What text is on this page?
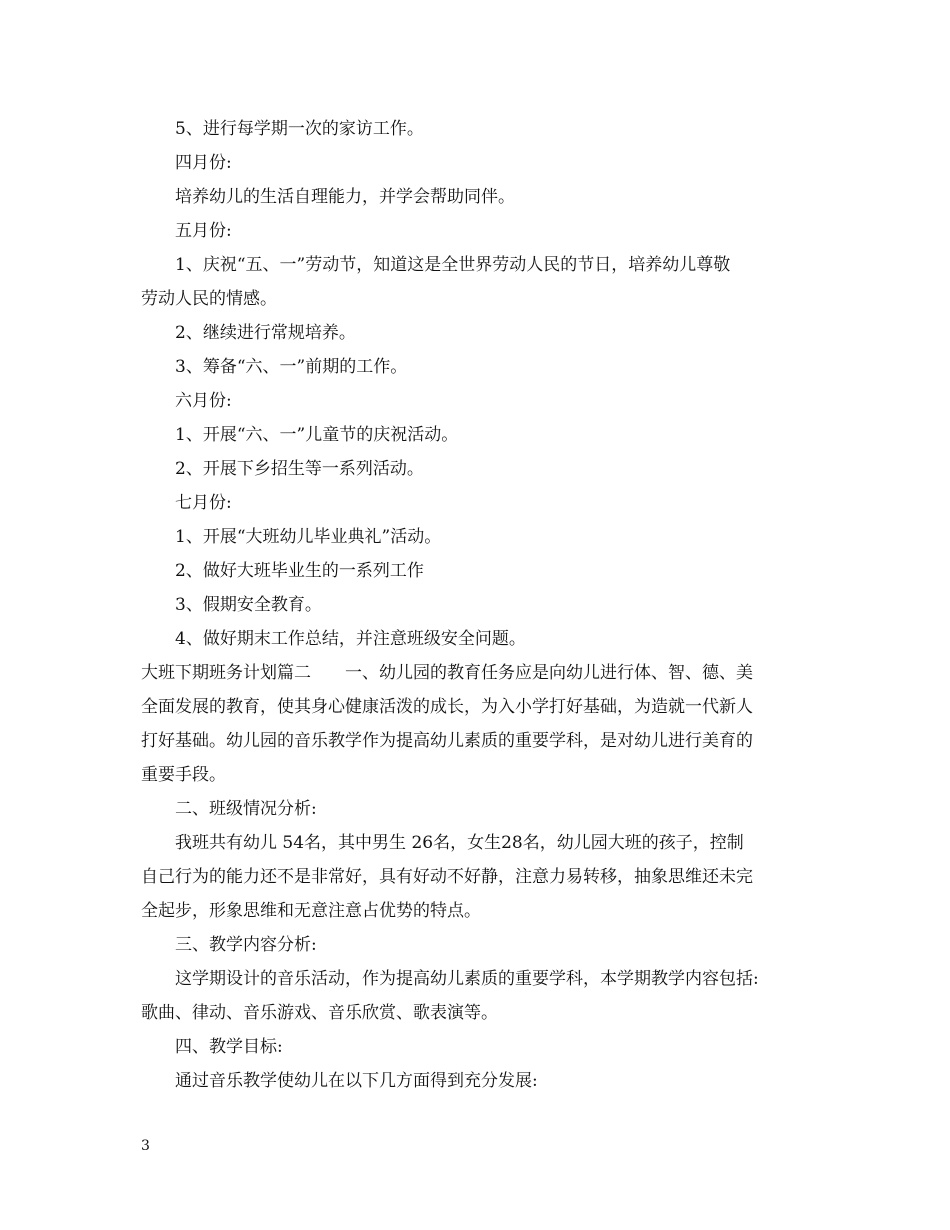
5、进行每学期一次的家访工作。
四月份:
培养幼儿的生活自理能力，并学会帮助同伴。
五月份:
1、庆祝“五、一”劳动节，知道这是全世界劳动人民的节日，培养幼儿尊敬
劳动人民的情感。
2、继续进行常规培养。
3、筹备“六、一”前期的工作。
六月份:
1、开展“六、一”儿童节的庆祝活动。
2、开展下乡招生等一系列活动。
七月份:
1、开展“大班幼儿毕业典礼”活动。
2、做好大班毕业生的一系列工作
3、假期安全教育。
4、做好期末工作总结，并注意班级安全问题。
大班下期班务计划篇二　　一、幼儿园的教育任务应是向幼儿进行体、智、德、美
全面发展的教育，使其身心健康活泼的成长，为入小学打好基础，为造就一代新人
打好基础。幼儿园的音乐教学作为提高幼儿素质的重要学科，是对幼儿进行美育的
重要手段。
二、班级情况分析:
我班共有幼儿 54名，其中男生 26名，女生28名，幼儿园大班的孩子，控制
自己行为的能力还不是非常好，具有好动不好静，注意力易转移，抽象思维还未完
全起步，形象思维和无意注意占优势的特点。
三、教学内容分析:
这学期设计的音乐活动，作为提高幼儿素质的重要学科，本学期教学内容包括:
歌曲、律动、音乐游戏、音乐欣赏、歌表演等。
四、教学目标:
通过音乐教学使幼儿在以下几方面得到充分发展:
3
